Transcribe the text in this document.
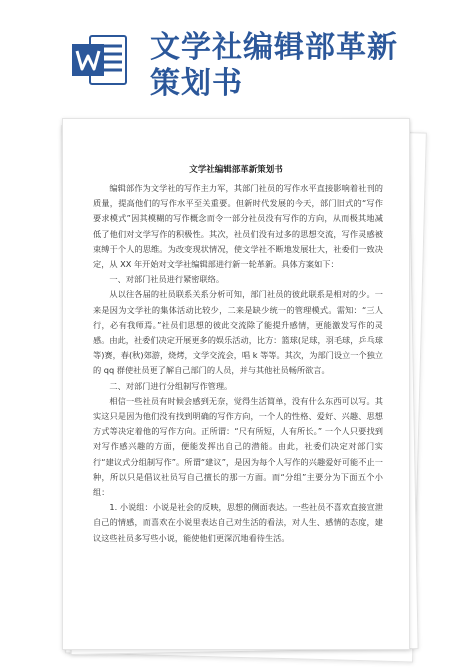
文学社编辑部革新
策划书
文学社编辑部革新策划书

编辑部作为文学社的写作主力军，其部门社员的写作水平直接影响着社刊的质量，提高他们的写作水平至关重要。但新时代发展的今天，部门旧式的“写作要求模式”因其模糊的写作概念而令一部分社员没有写作的方向，从而极其地减低了他们对文学写作的积极性。其次，社员们没有过多的思想交流，写作灵感被束缚于个人的思维。为改变现状情况，使文学社不断地发展壮大，社委们一致决定，从 XX 年开始对文学社编辑部进行新一轮革新。具体方案如下：

一、对部门社员进行紧密联络。

从以往各届的社员联系关系分析可知，部门社员的彼此联系是相对的少。一来是因为文学社的集体活动比较少，二来是缺少统一的管理模式。需知：“三人行，必有我师焉。”社员们思想的彼此交流除了能提升感情，更能激发写作的灵感。由此，社委们决定开展更多的娱乐活动，比方：篮球(足球，羽毛球，乒乓球等)赛，春(秋)郊游，烧烤，文学交流会，唱 k 等等。其次，为部门设立一个独立的 qq 群使社员更了解自己部门的人员，并与其他社员畅所欲言。

二、对部门进行分组制写作管理。

相信一些社员有时候会感到无奈，觉得生活简单，没有什么东西可以写。其实这只是因为他们没有找到明确的写作方向，一个人的性格、爱好、兴趣、思想方式等决定着他的写作方向。正所谓：“尺有所短，人有所长。” 一个人只要找到对写作感兴趣的方面，便能发挥出自己的潜能。由此，社委们决定对部门实行“建议式分组制写作”。所谓“建议”，是因为每个人写作的兴趣爱好可能不止一种，所以只是倡议社员写自己擅长的那一方面。而“分组”主要分为下面五个小组：

1. 小说组：小说是社会的反映，思想的侧面表达。一些社员不喜欢直接宣泄自己的情感，而喜欢在小说里表达自己对生活的看法，对人生、感情的态度，建议这些社员多写些小说，能使他们更深沉地看待生活。
